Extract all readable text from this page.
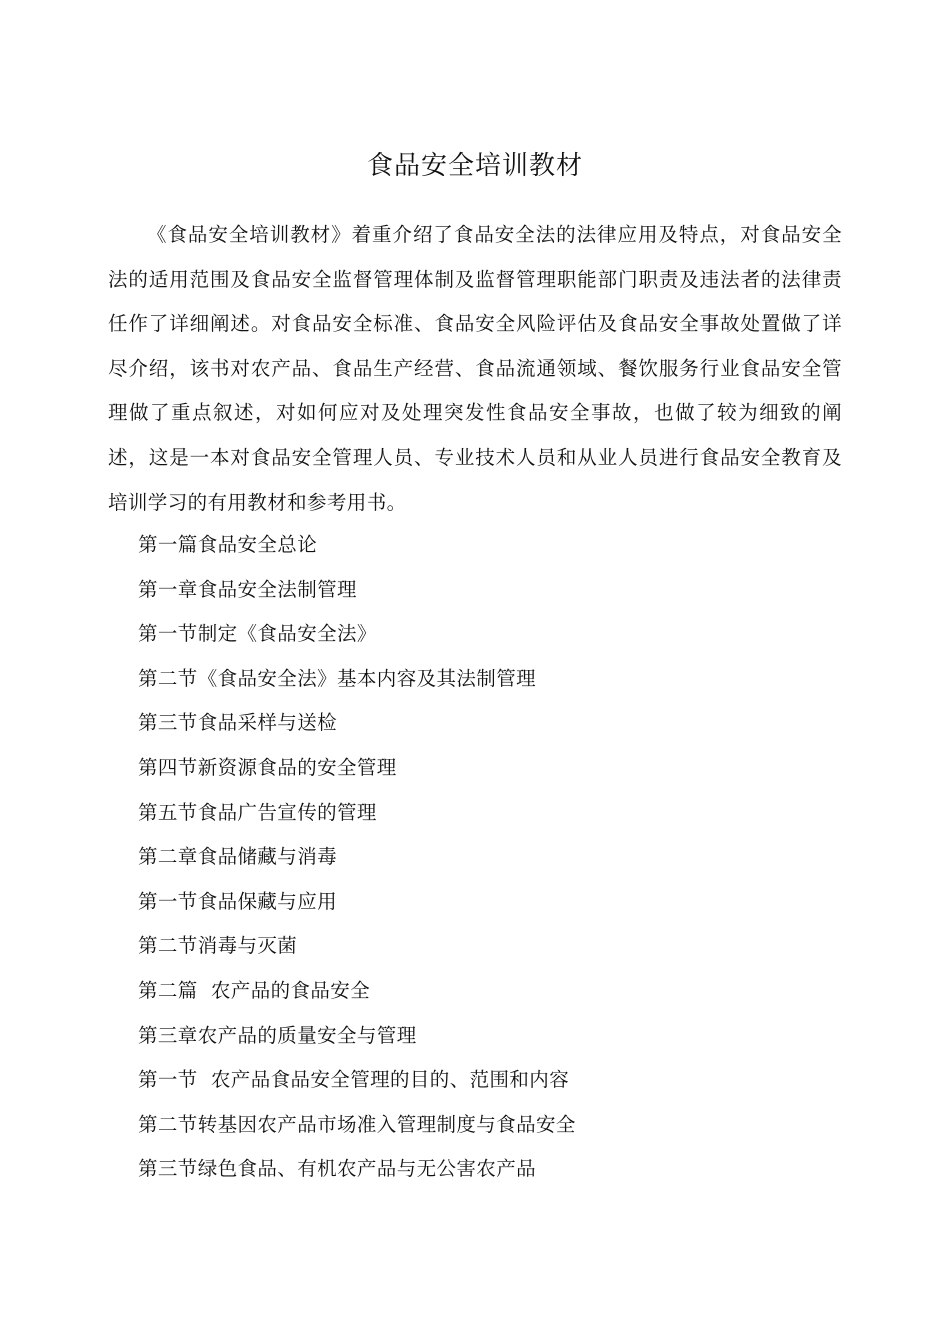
食品安全培训教材

《食品安全培训教材》着重介绍了食品安全法的法律应用及特点，对食品安全法的适用范围及食品安全监督管理体制及监督管理职能部门职责及违法者的法律责任作了详细阐述。对食品安全标准、食品安全风险评估及食品安全事故处置做了详尽介绍，该书对农产品、食品生产经营、食品流通领域、餐饮服务行业食品安全管理做了重点叙述，对如何应对及处理突发性食品安全事故，也做了较为细致的阐述，这是一本对食品安全管理人员、专业技术人员和从业人员进行食品安全教育及培训学习的有用教材和参考用书。

第一篇食品安全总论
第一章食品安全法制管理
第一节制定《食品安全法》
第二节《食品安全法》基本内容及其法制管理
第三节食品采样与送检
第四节新资源食品的安全管理
第五节食品广告宣传的管理
第二章食品储藏与消毒
第一节食品保藏与应用
第二节消毒与灭菌
第二篇  农产品的食品安全
第三章农产品的质量安全与管理
第一节  农产品食品安全管理的目的、范围和内容
第二节转基因农产品市场准入管理制度与食品安全
第三节绿色食品、有机农产品与无公害农产品
